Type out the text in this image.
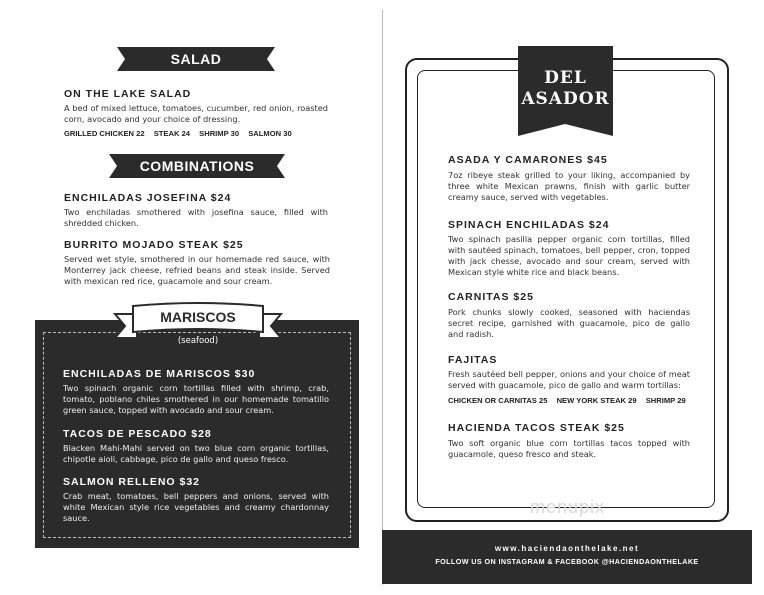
SALAD
ON THE LAKE SALAD
A bed of mixed lettuce, tomatoes, cucumber, red onion, roasted corn, avocado and your choice of dressing.
GRILLED CHICKEN 22 STEAK 24 SHRIMP 30 SALMON 30
COMBINATIONS
ENCHILADAS JOSEFINA $24
Two enchiladas smothered with josefina sauce, filled with shredded chicken.
BURRITO MOJADO STEAK $25
Served wet style, smothered in our homemade red sauce, with Monterrey jack cheese, refried beans and steak inside. Served with mexican red rice, guacamole and sour cream.
MARISCOS
(seafood)
ENCHILADAS DE MARISCOS $30
Two spinach organic corn tortillas filled with shrimp, crab, tomato, poblano chiles smothered in our homemade tomatillo green sauce, topped with avocado and sour cream.
TACOS DE PESCADO $28
Blacken Mahi-Mahi served on two blue corn organic tortillas, chipotle aioli, cabbage, pico de gallo and queso fresco.
SALMON RELLENO $32
Crab meat, tomatoes, bell peppers and onions, served with white Mexican style rice vegetables and creamy chardonnay sauce.
DEL ASADOR
ASADA Y CAMARONES $45
7oz ribeye steak grilled to your liking, accompanied by three white Mexican prawns, finish with garlic butter creamy sauce, served with vegetables.
SPINACH ENCHILADAS $24
Two spinach pasilla pepper organic corn tortillas, filled with sautéed spinach, tomatoes, bell pepper, cron, topped with jack chesse, avocado and sour cream, served with Mexican style white rice and black beans.
CARNITAS $25
Pork chunks slowly cooked, seasoned with haciendas secret recipe, garnished with guacamole, pico de gallo and radish.
FAJITAS
Fresh sautéed bell pepper, onions and your choice of meat served with guacamole, pico de gallo and warm tortillas:
CHICKEN OR CARNITAS 25 NEW YORK STEAK 29 SHRIMP 29
HACIENDA TACOS STEAK $25
Two soft organic blue corn tortillas tacos topped with guacamole, queso fresco and steak.
menupix
www.haciendaonthelake.net
FOLLOW US ON INSTAGRAM & FACEBOOK @HACIENDAONTHELAKE
